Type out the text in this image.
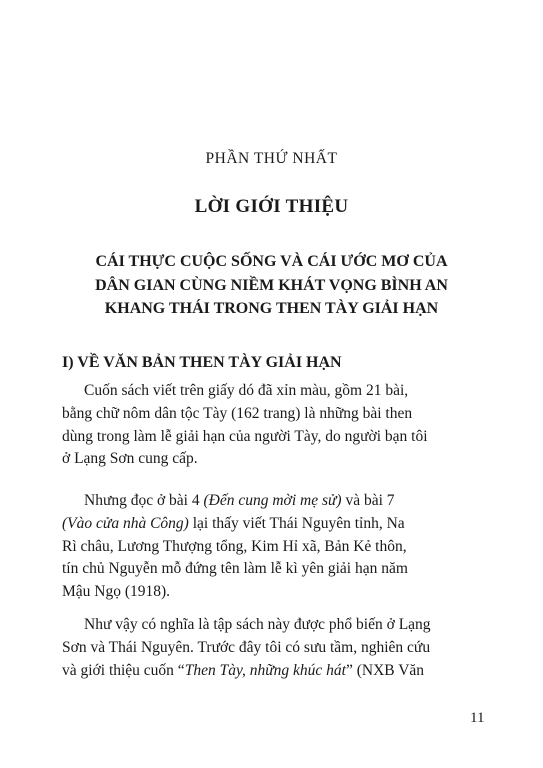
PHẦN THỨ NHẤT
LỜI GIỚI THIỆU
CÁI THỰC CUỘC SỐNG VÀ CÁI ƯỚC MƠ CỦA
DÂN GIAN CÙNG NIỀM KHÁT VỌNG BÌNH AN
KHANG THÁI TRONG THEN TÀY GIẢI HẠN
I) VỀ VĂN BẢN THEN TÀY GIẢI HẠN
Cuốn sách viết trên giấy dó đã xỉn màu, gồm 21 bài,
bằng chữ nôm dân tộc Tày (162 trang) là những bài then
dùng trong làm lễ giải hạn của người Tày, do người bạn tôi
ở Lạng Sơn cung cấp.
Nhưng đọc ở bài 4 (Đến cung mời mẹ sử) và bài 7
(Vào cửa nhà Công) lại thấy viết Thái Nguyên tỉnh, Na
Rì châu, Lương Thượng tổng, Kim Hỉ xã, Bản Kẻ thôn,
tín chủ Nguyễn mỗ đứng tên làm lễ kì yên giải hạn năm
Mậu Ngọ (1918).
Như vậy có nghĩa là tập sách này được phổ biến ở Lạng
Sơn và Thái Nguyên. Trước đây tôi có sưu tầm, nghiên cứu
và giới thiệu cuốn “Then Tày, những khúc hát” (NXB Văn
11
